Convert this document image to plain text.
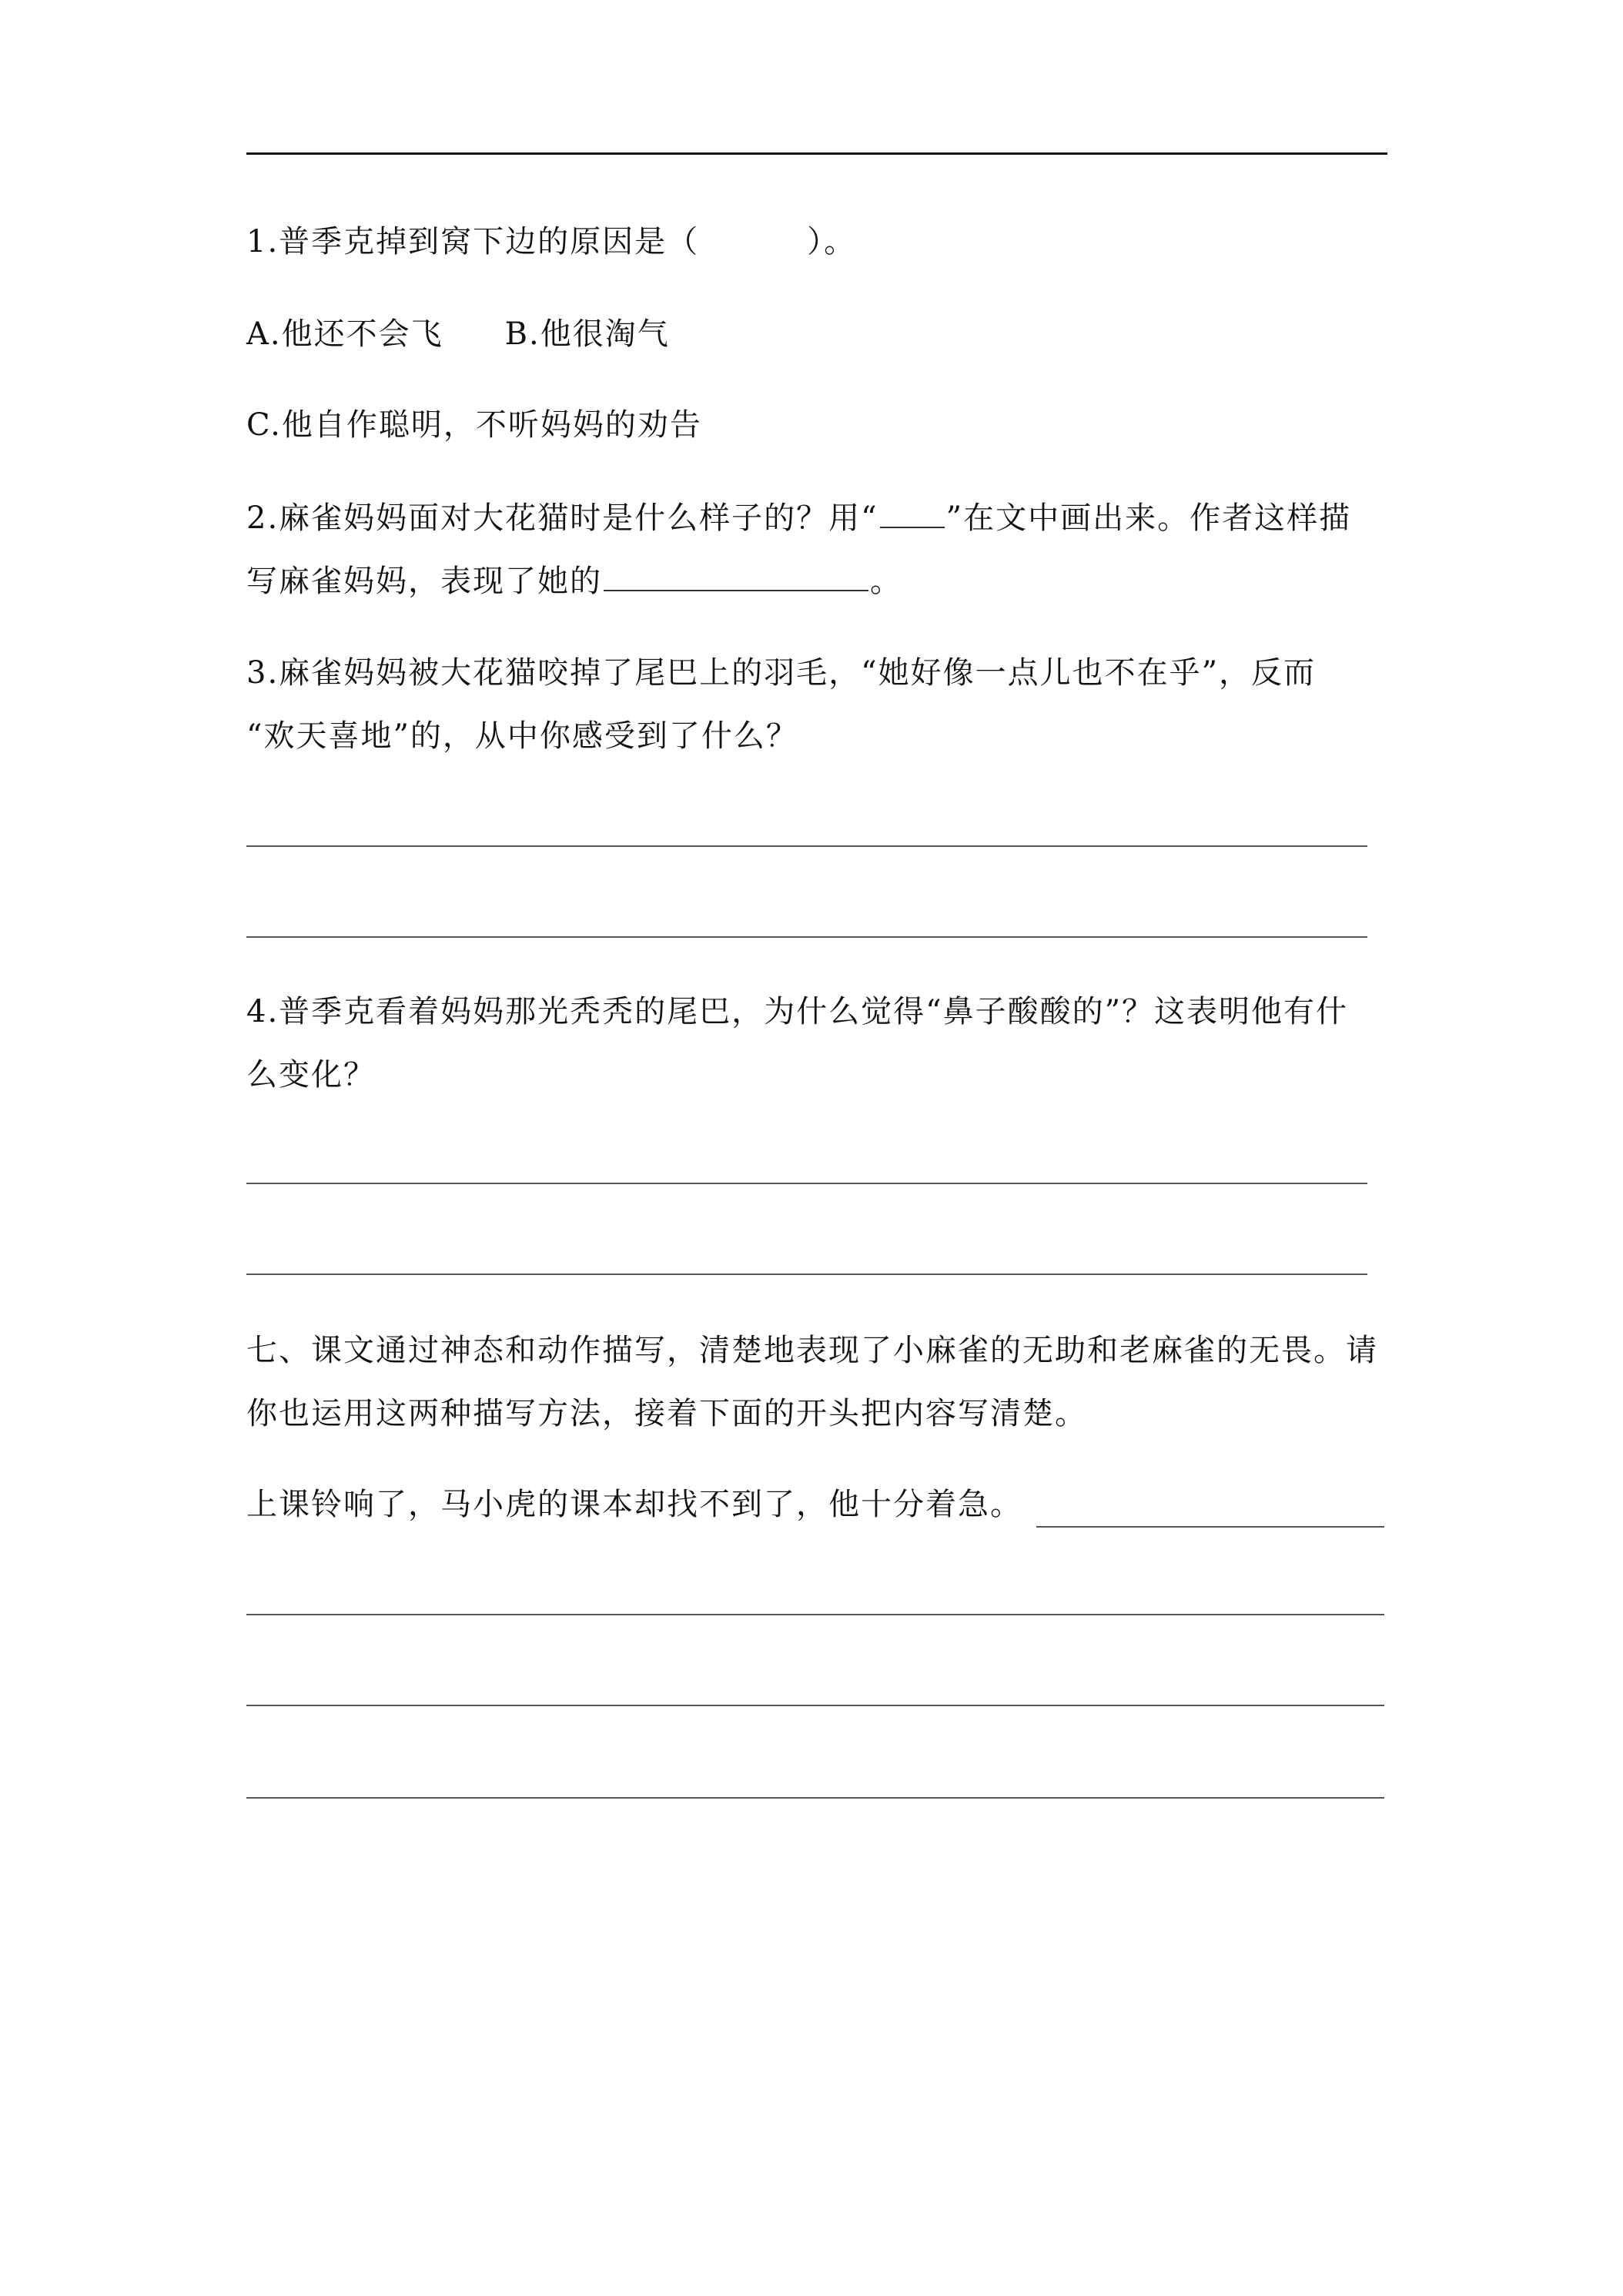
1.普季克掉到窝下边的原因是（	）。
A.他还不会飞 B.他很淘气
C.他自作聪明，不听妈妈的劝告
2.麻雀妈妈面对大花猫时是什么样子的？用“ ”在文中画出来。作者这样描
写麻雀妈妈，表现了她的	。
3.麻雀妈妈被大花猫咬掉了尾巴上的羽毛，“她好像一点儿也不在乎”，反而
“欢天喜地”的，从中你感受到了什么？
4.普季克看着妈妈那光秃秃的尾巴，为什么觉得“鼻子酸酸的”？这表明他有什
么变化？
七、课文通过神态和动作描写，清楚地表现了小麻雀的无助和老麻雀的无畏。请
你也运用这两种描写方法，接着下面的开头把内容写清楚。
上课铃响了，马小虎的课本却找不到了，他十分着急。
